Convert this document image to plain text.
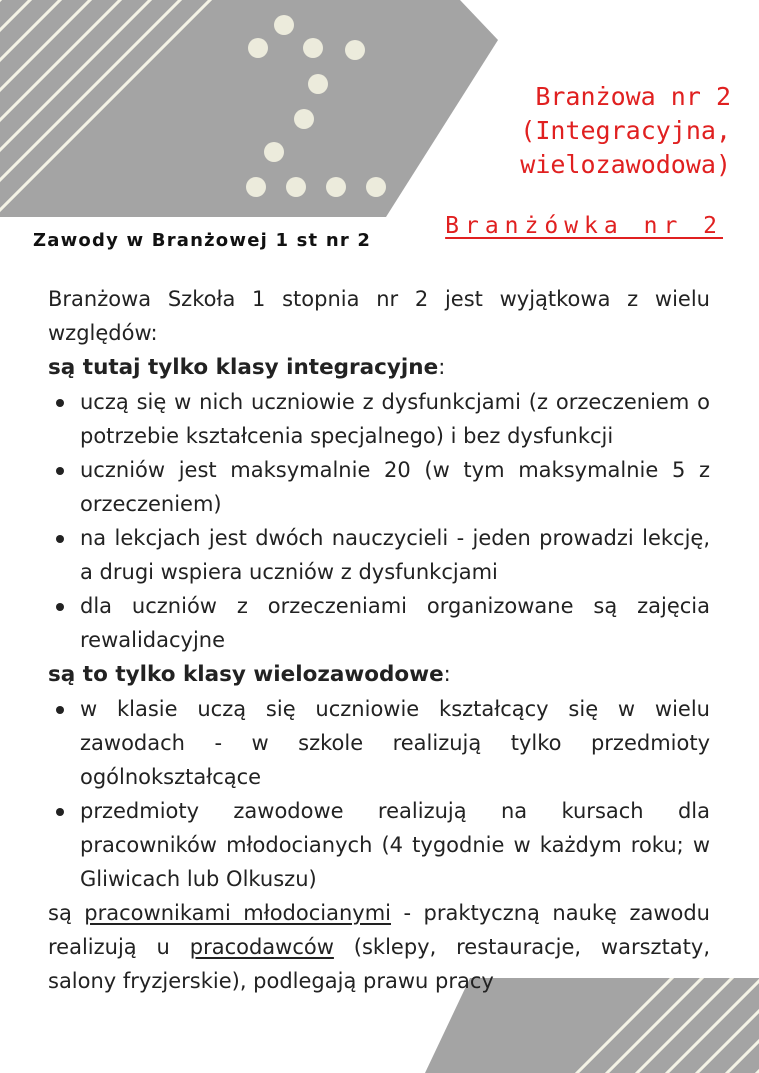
Branżowa nr 2
(Integracyjna,
wielozawodowa)
Branżówka nr 2
Zawody w Branżowej 1 st nr 2

Branżowa Szkoła 1 stopnia nr 2 jest wyjątkowa z wielu względów:

są tutaj tylko klasy integracyjne:

uczą się w nich uczniowie z dysfunkcjami (z orzeczeniem o potrzebie kształcenia specjalnego) i bez dysfunkcji
uczniów jest maksymalnie 20 (w tym maksymalnie 5 z orzeczeniem)
na lekcjach jest dwóch nauczycieli - jeden prowadzi lekcję, a drugi wspiera uczniów z dysfunkcjami
dla uczniów z orzeczeniami organizowane są zajęcia rewalidacyjne

są to tylko klasy wielozawodowe:

w klasie uczą się uczniowie kształcący się w wielu zawodach - w szkole realizują tylko przedmioty ogólnokształcące
przedmioty zawodowe realizują na kursach dla pracowników młodocianych (4 tygodnie w każdym roku; w Gliwicach lub Olkuszu)

są pracownikami młodocianymi - praktyczną naukę zawodu realizują u pracodawców (sklepy, restauracje, warsztaty, salony fryzjerskie), podlegają prawu pracy
